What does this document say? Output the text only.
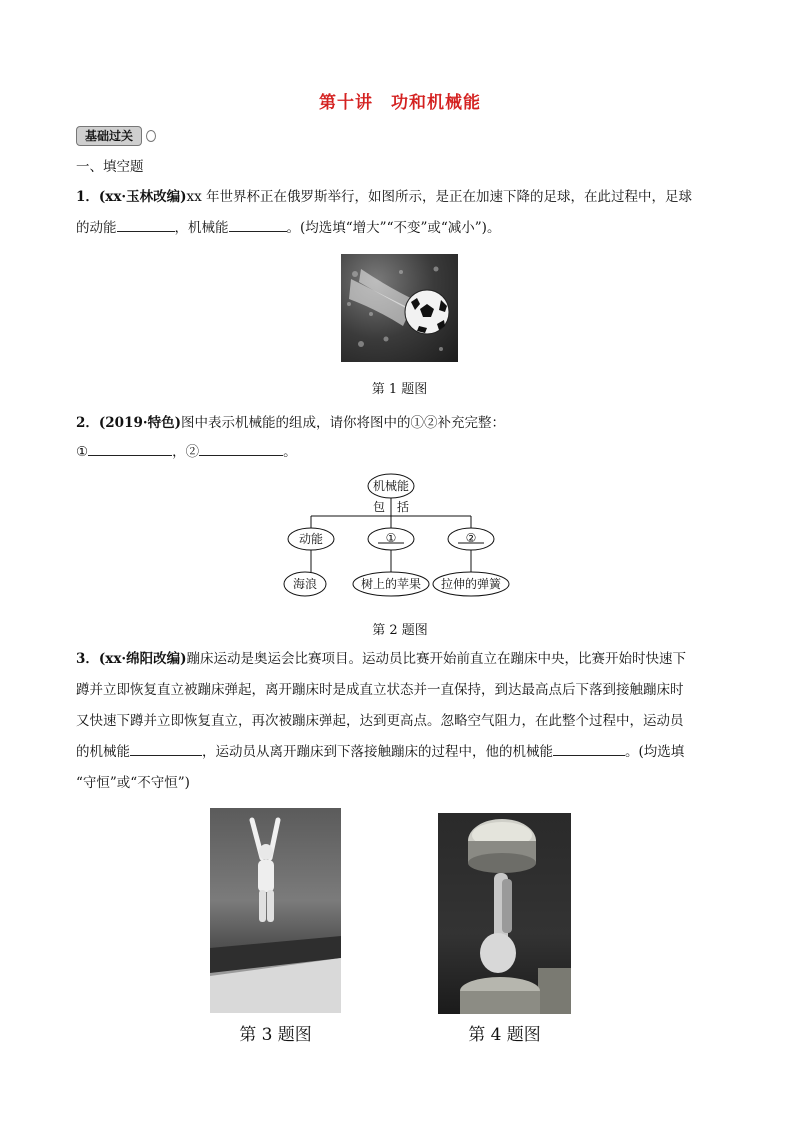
第十讲　功和机械能
基础过关
一、填空题
1．(xx·玉林改编)xx 年世界杯正在俄罗斯举行，如图所示，是正在加速下降的足球，在此过程中，足球
的动能	，机械能	。(均选填“增大”“不变”或“减小”)。
第 1 题图
2．(2019·特色)图中表示机械能的组成，请你将图中的①②补充完整：
①	，②	。
机械能
包　括
动能	①	②
海浪	树上的苹果 拉伸的弹簧
第 2 题图
3．(xx·绵阳改编)蹦床运动是奥运会比赛项目。运动员比赛开始前直立在蹦床中央，比赛开始时快速下
蹲并立即恢复直立被蹦床弹起，离开蹦床时是成直立状态并一直保持，到达最高点后下落到接触蹦床时
又快速下蹲并立即恢复直立，再次被蹦床弹起，达到更高点。忽略空气阻力，在此整个过程中，运动员
的机械能	，运动员从离开蹦床到下落接触蹦床的过程中，他的机械能	。(均选填
“守恒”或“不守恒”)
第 3 题图	第 4 题图
